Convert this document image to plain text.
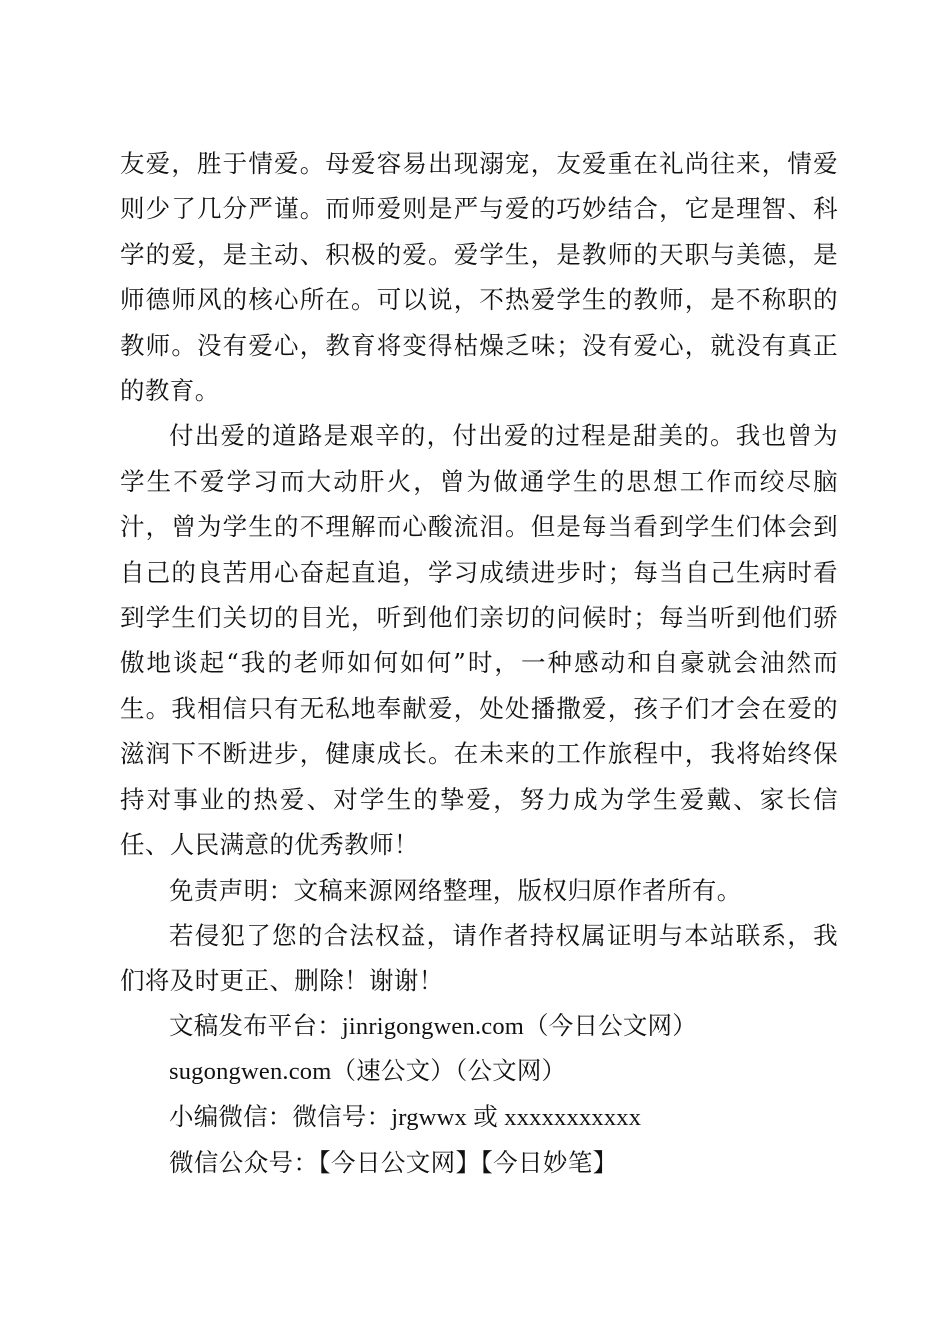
友爱，胜于情爱。母爱容易出现溺宠，友爱重在礼尚往来，情爱则少了几分严谨。而师爱则是严与爱的巧妙结合，它是理智、科学的爱，是主动、积极的爱。爱学生，是教师的天职与美德，是师德师风的核心所在。可以说，不热爱学生的教师，是不称职的教师。没有爱心，教育将变得枯燥乏味；没有爱心，就没有真正的教育。

付出爱的道路是艰辛的，付出爱的过程是甜美的。我也曾为学生不爱学习而大动肝火，曾为做通学生的思想工作而绞尽脑汁，曾为学生的不理解而心酸流泪。但是每当看到学生们体会到自己的良苦用心奋起直追，学习成绩进步时；每当自己生病时看到学生们关切的目光，听到他们亲切的问候时；每当听到他们骄傲地谈起“我的老师如何如何”时，一种感动和自豪就会油然而生。我相信只有无私地奉献爱，处处播撒爱，孩子们才会在爱的滋润下不断进步，健康成长。在未来的工作旅程中，我将始终保持对事业的热爱、对学生的挚爱，努力成为学生爱戴、家长信任、人民满意的优秀教师！

免责声明：文稿来源网络整理，版权归原作者所有。

若侵犯了您的合法权益，请作者持权属证明与本站联系，我们将及时更正、删除！谢谢！

文稿发布平台：jinrigongwen.com（今日公文网）

sugongwen.com（速公文）（公文网）

小编微信：微信号：jrgwwx 或 xxxxxxxxxxx

微信公众号：【今日公文网】【今日妙笔】
